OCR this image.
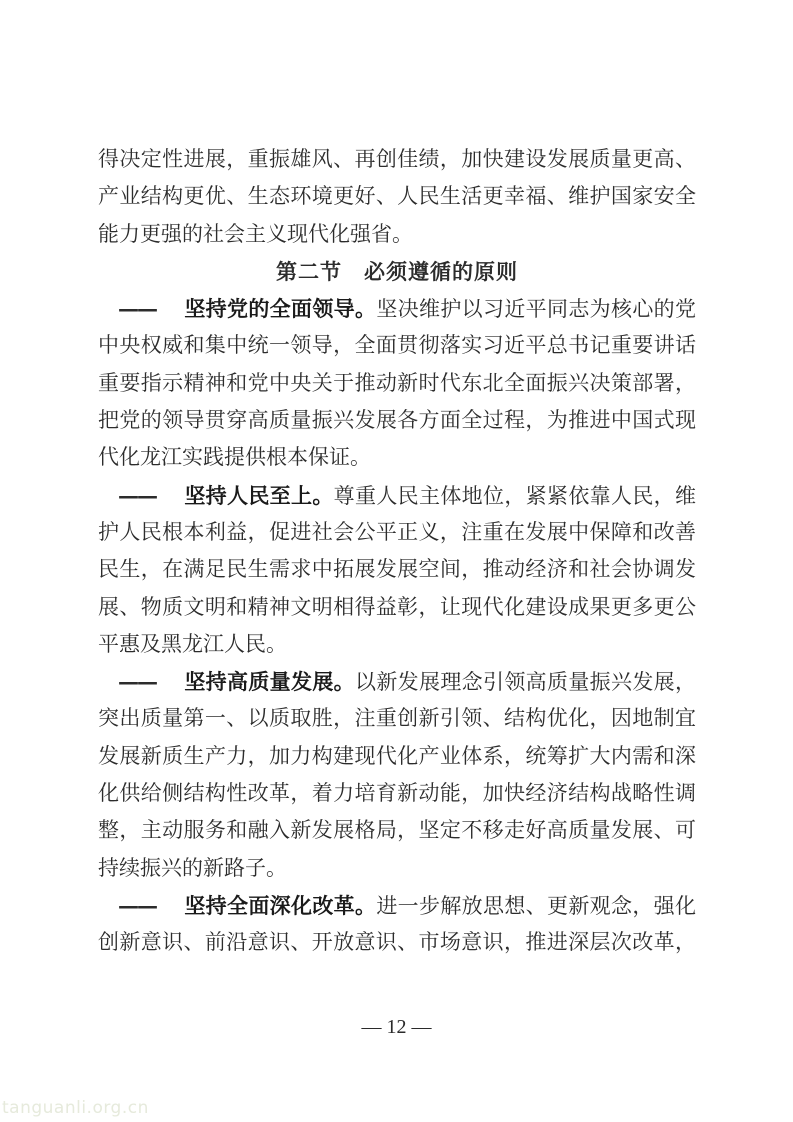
得决定性进展，重振雄风、再创佳绩，加快建设发展质量更高、
产业结构更优、生态环境更好、人民生活更幸福、维护国家安全
能力更强的社会主义现代化强省。
第二节 必须遵循的原则
—— 坚持党的全面领导。坚决维护以习近平同志为核心的党
中央权威和集中统一领导，全面贯彻落实习近平总书记重要讲话
重要指示精神和党中央关于推动新时代东北全面振兴决策部署，
把党的领导贯穿高质量振兴发展各方面全过程，为推进中国式现
代化龙江实践提供根本保证。
—— 坚持人民至上。尊重人民主体地位，紧紧依靠人民，维
护人民根本利益，促进社会公平正义，注重在发展中保障和改善
民生，在满足民生需求中拓展发展空间，推动经济和社会协调发
展、物质文明和精神文明相得益彰，让现代化建设成果更多更公
平惠及黑龙江人民。
—— 坚持高质量发展。以新发展理念引领高质量振兴发展，
突出质量第一、以质取胜，注重创新引领、结构优化，因地制宜
发展新质生产力，加力构建现代化产业体系，统筹扩大内需和深
化供给侧结构性改革，着力培育新动能，加快经济结构战略性调
整，主动服务和融入新发展格局，坚定不移走好高质量发展、可
持续振兴的新路子。
—— 坚持全面深化改革。进一步解放思想、更新观念，强化
创新意识、前沿意识、开放意识、市场意识，推进深层次改革，
— 12 —
tanguanli.org.cn
